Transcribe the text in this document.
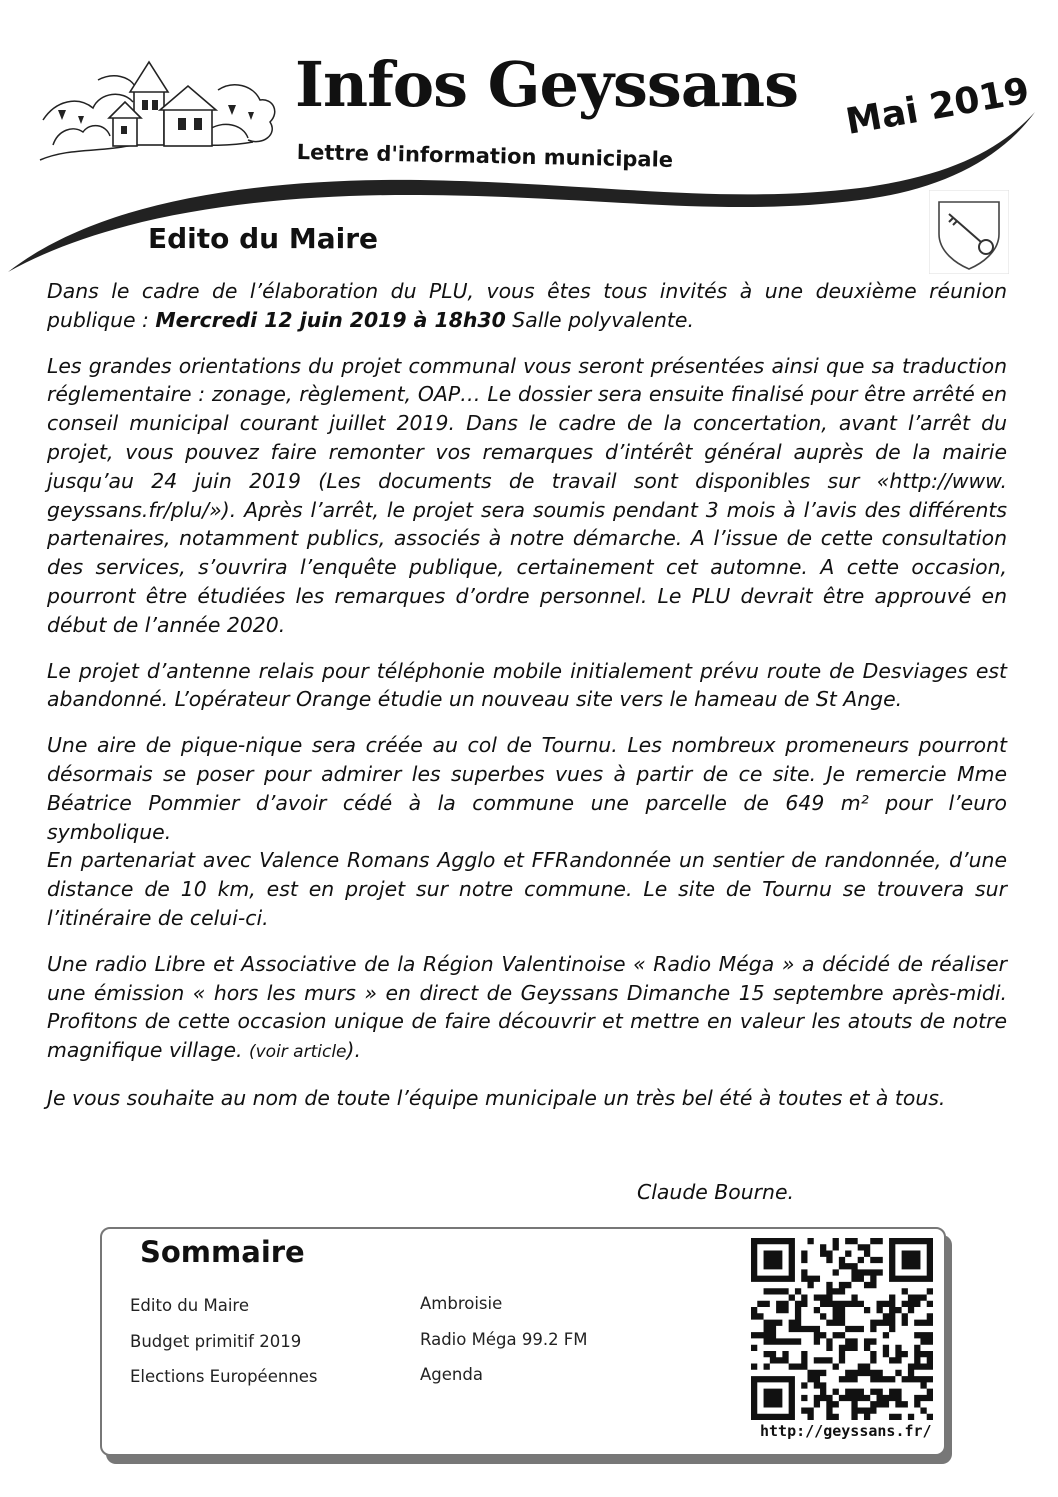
Infos Geyssans
Lettre d'information municipale
Mai 2019
Edito du Maire

Dans le cadre de l’élaboration du PLU, vous êtes tous invités à une deuxième réunion publique : Mercredi 12 juin 2019 à 18h30 Salle polyvalente.

Les grandes orientations du projet communal vous seront présentées ainsi que sa traduction réglementaire : zonage, règlement, OAP… Le dossier sera ensuite finalisé pour être arrêté en conseil municipal courant juillet 2019. Dans le cadre de la concertation, avant l’arrêt du projet, vous pouvez faire remonter vos remarques d’intérêt général auprès de la mairie jusqu’au 24 juin 2019 (Les documents de travail sont disponibles sur «http://www. geyssans.fr/plu/»). Après l’arrêt, le projet sera soumis pendant 3 mois à l’avis des différents partenaires, notamment publics, associés à notre démarche. A l’issue de cette consultation des services, s’ouvrira l’enquête publique, certainement cet automne. A cette occasion, pourront être étudiées les remarques d’ordre personnel. Le PLU devrait être approuvé en début de l’année 2020.

Le projet d’antenne relais pour téléphonie mobile initialement prévu route de Desviages est abandonné. L’opérateur Orange étudie un nouveau site vers le hameau de St Ange.

Une aire de pique-nique sera créée au col de Tournu. Les nombreux promeneurs pourront désormais se poser pour admirer les superbes vues à partir de ce site. Je remercie Mme Béatrice Pommier d’avoir cédé à la commune une parcelle de 649 m² pour l’euro symbolique.

En partenariat avec Valence Romans Agglo et FFRandonnée un sentier de randonnée, d’une distance de 10 km, est en projet sur notre commune. Le site de Tournu se trouvera sur l’itinéraire de celui-ci.

Une radio Libre et Associative de la Région Valentinoise « Radio Méga » a décidé de réaliser une émission « hors les murs » en direct de Geyssans Dimanche 15 septembre après-midi. Profitons de cette occasion unique de faire découvrir et mettre en valeur les atouts de notre magnifique village. (voir article).

Je vous souhaite au nom de toute l’équipe municipale un très bel été à toutes et à tous.

Claude Bourne.
Sommaire
Edito du Maire
Budget primitif 2019
Elections Européennes
Ambroisie
Radio Méga 99.2 FM
Agenda
http://geyssans.fr/
